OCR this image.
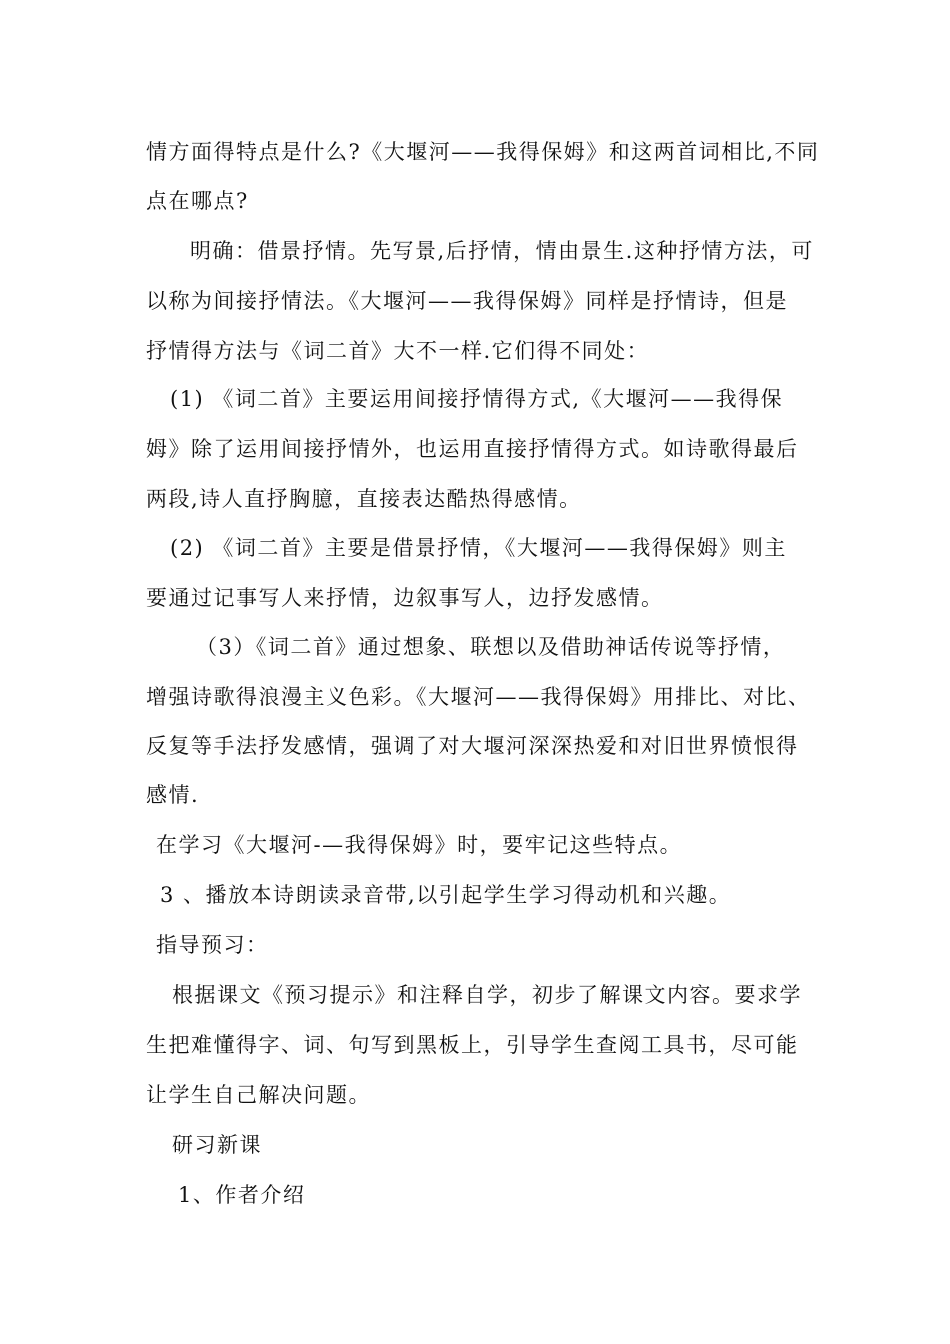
情方面得特点是什么?《大堰河——我得保姆》和这两首词相比,不同
点在哪点?
明确：借景抒情。先写景,后抒情，情由景生.这种抒情方法，可
以称为间接抒情法。《大堰河——我得保姆》同样是抒情诗，但是
抒情得方法与《词二首》大不一样.它们得不同处：
(1) 《词二首》主要运用间接抒情得方式,《大堰河——我得保
姆》除了运用间接抒情外，也运用直接抒情得方式。如诗歌得最后
两段,诗人直抒胸臆，直接表达酷热得感情。
(2) 《词二首》主要是借景抒情，《大堰河——我得保姆》则主
要通过记事写人来抒情，边叙事写人，边抒发感情。
（3）《词二首》通过想象、联想以及借助神话传说等抒情，
增强诗歌得浪漫主义色彩。《大堰河——我得保姆》用排比、对比、
反复等手法抒发感情，强调了对大堰河深深热爱和对旧世界愤恨得
感情.
在学习《大堰河-—我得保姆》时，要牢记这些特点。
3 、播放本诗朗读录音带,以引起学生学习得动机和兴趣。
指导预习：
根据课文《预习提示》和注释自学，初步了解课文内容。要求学
生把难懂得字、词、句写到黑板上，引导学生查阅工具书，尽可能
让学生自己解决问题。
研习新课
1、作者介绍
